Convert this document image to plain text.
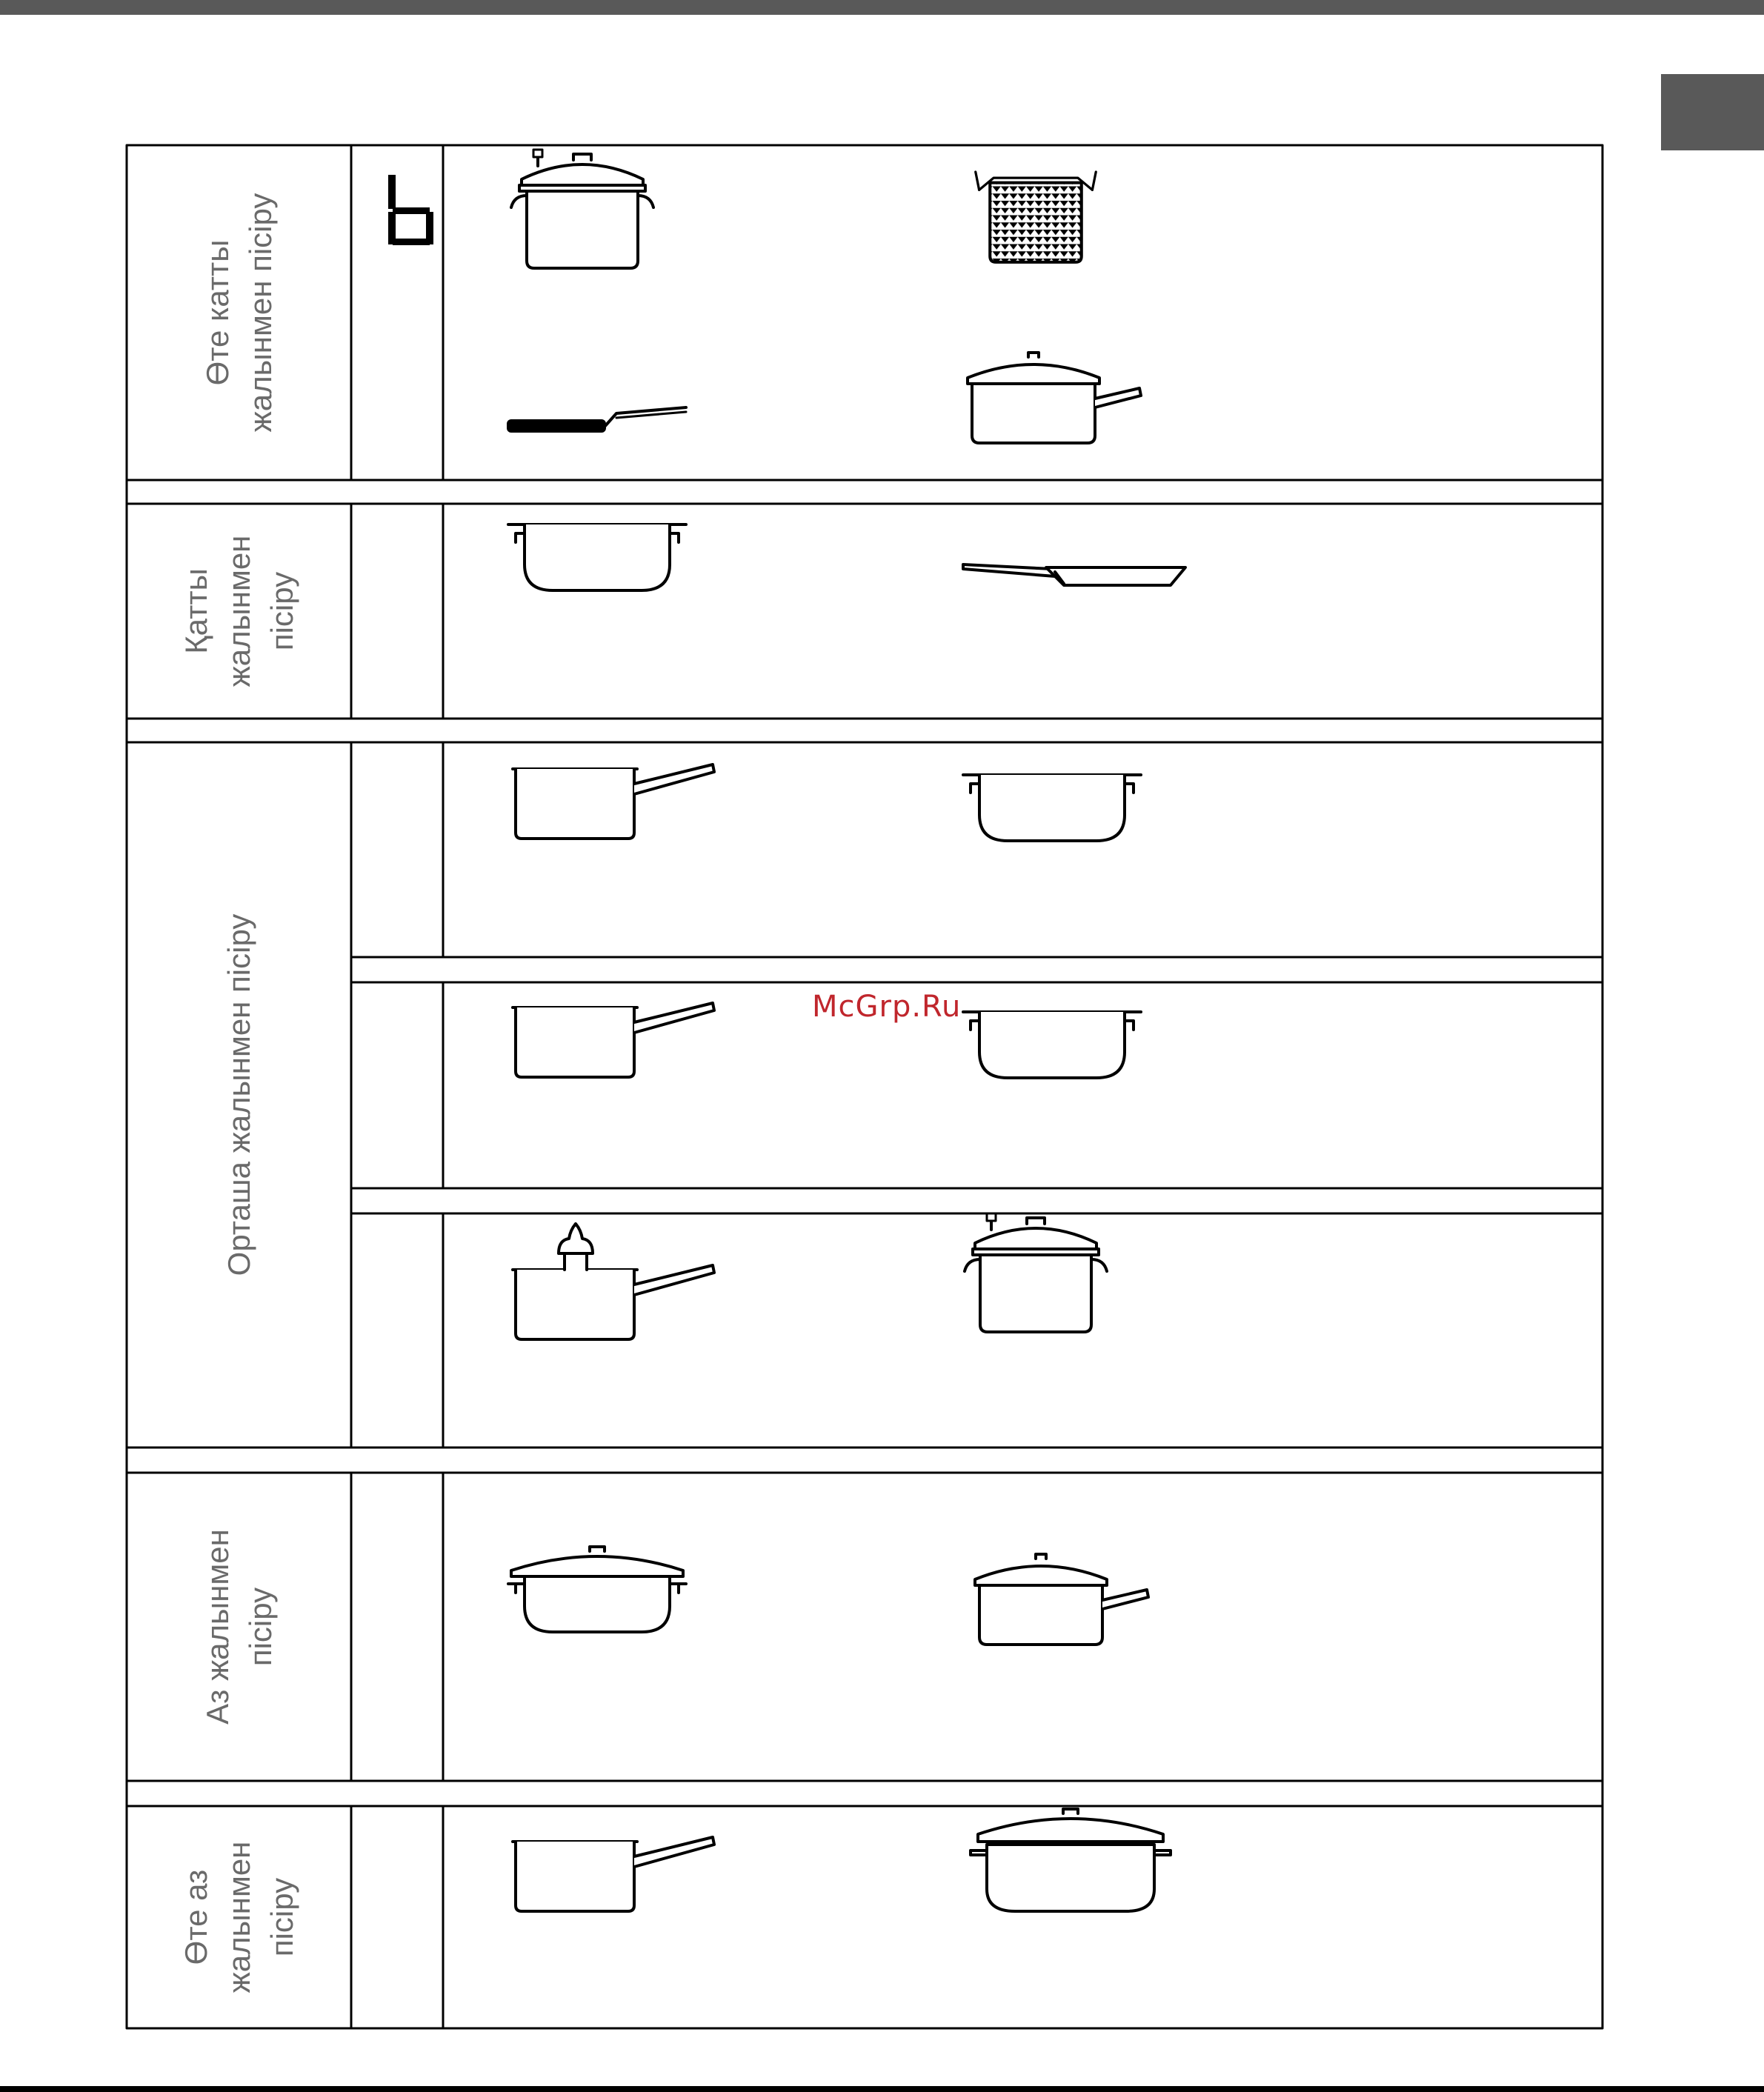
Өте катты жалынмен пісіру
Қатты жалынмен пісіру
Орташа жалынмен пісіру
Аз жалынмен пісіру
Өте аз жалынмен пісіру
McGrp.Ru
